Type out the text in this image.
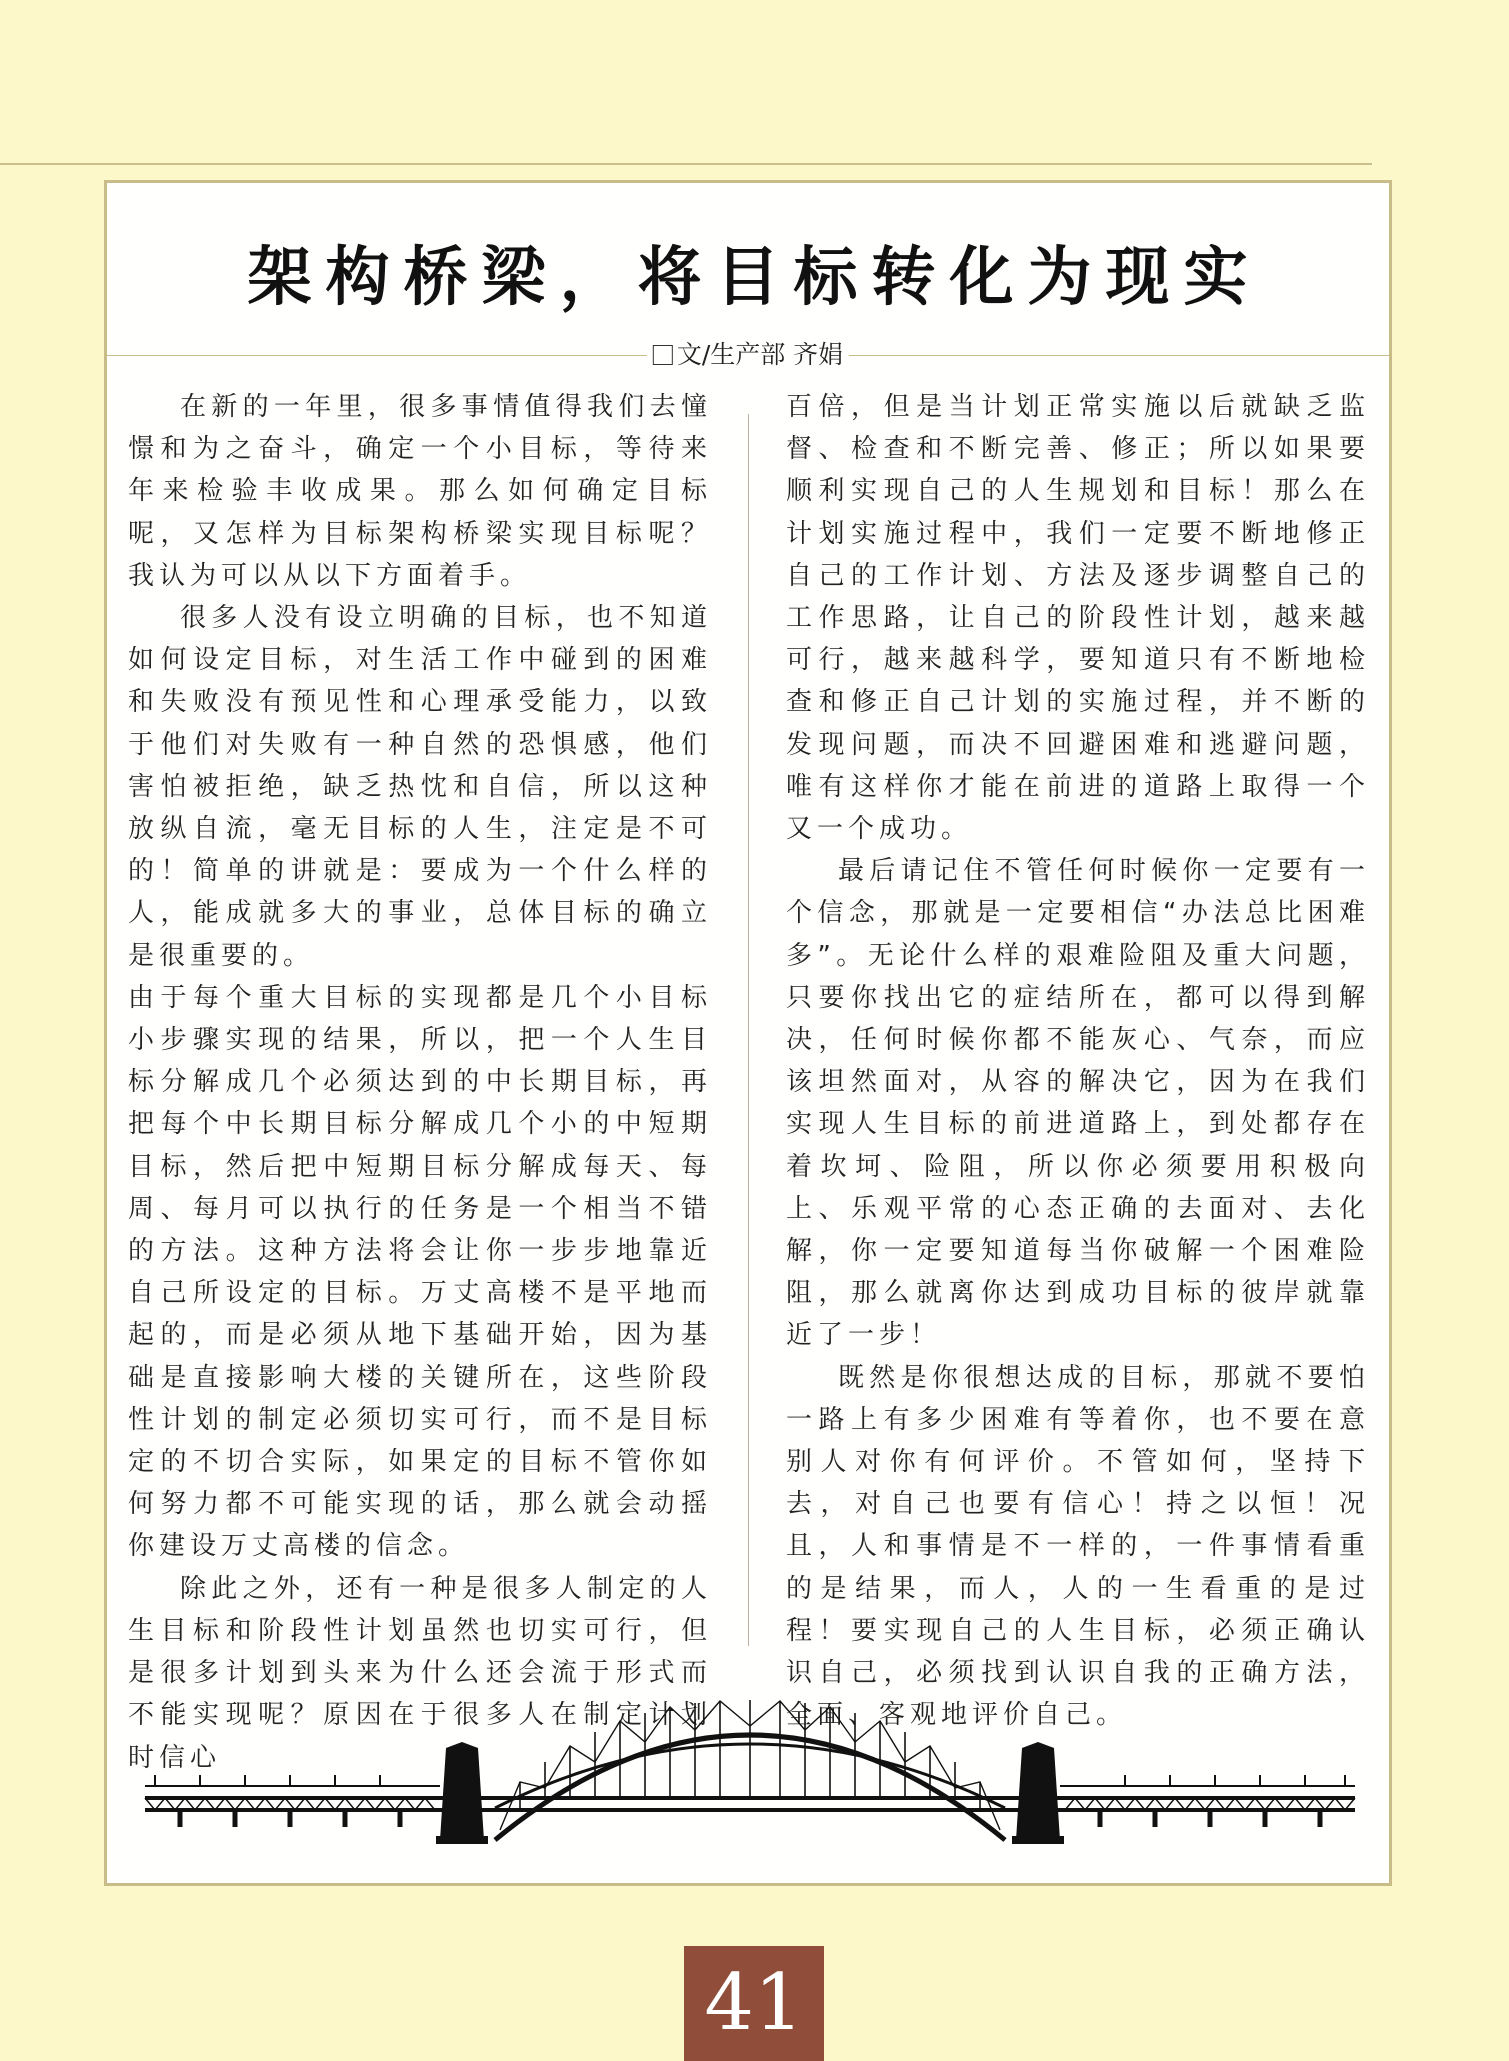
架构桥梁，将目标转化为现实
文/生产部 齐娟

在新的一年里，很多事情值得我们去憧憬和为之奋斗，确定一个小目标，等待来年来检验丰收成果。那么如何确定目标呢，又怎样为目标架构桥梁实现目标呢？我认为可以从以下方面着手。

很多人没有设立明确的目标，也不知道如何设定目标，对生活工作中碰到的困难和失败没有预见性和心理承受能力，以致于他们对失败有一种自然的恐惧感，他们害怕被拒绝，缺乏热忱和自信，所以这种放纵自流，毫无目标的人生，注定是不可的！简单的讲就是：要成为一个什么样的人，能成就多大的事业，总体目标的确立是很重要的。

由于每个重大目标的实现都是几个小目标小步骤实现的结果，所以，把一个人生目标分解成几个必须达到的中长期目标，再把每个中长期目标分解成几个小的中短期目标，然后把中短期目标分解成每天、每周、每月可以执行的任务是一个相当不错的方法。这种方法将会让你一步步地靠近自己所设定的目标。万丈高楼不是平地而起的，而是必须从地下基础开始，因为基础是直接影响大楼的关键所在，这些阶段性计划的制定必须切实可行，而不是目标定的不切合实际，如果定的目标不管你如何努力都不可能实现的话，那么就会动摇你建设万丈高楼的信念。

除此之外，还有一种是很多人制定的人生目标和阶段性计划虽然也切实可行，但是很多计划到头来为什么还会流于形式而不能实现呢？原因在于很多人在制定计划时信心

百倍，但是当计划正常实施以后就缺乏监督、检查和不断完善、修正；所以如果要顺利实现自己的人生规划和目标！那么在计划实施过程中，我们一定要不断地修正自己的工作计划、方法及逐步调整自己的工作思路，让自己的阶段性计划，越来越可行，越来越科学，要知道只有不断地检查和修正自己计划的实施过程，并不断的发现问题，而决不回避困难和逃避问题，唯有这样你才能在前进的道路上取得一个又一个成功。

最后请记住不管任何时候你一定要有一个信念，那就是一定要相信“办法总比困难多”。无论什么样的艰难险阻及重大问题，只要你找出它的症结所在，都可以得到解决，任何时候你都不能灰心、气奈，而应该坦然面对，从容的解决它，因为在我们实现人生目标的前进道路上，到处都存在着坎坷、险阻，所以你必须要用积极向上、乐观平常的心态正确的去面对、去化解，你一定要知道每当你破解一个困难险阻，那么就离你达到成功目标的彼岸就靠近了一步！

既然是你很想达成的目标，那就不要怕一路上有多少困难有等着你，也不要在意别人对你有何评价。不管如何，坚持下去，对自己也要有信心！持之以恒！况且，人和事情是不一样的，一件事情看重的是结果，而人，人的一生看重的是过程！要实现自己的人生目标，必须正确认识自己，必须找到认识自我的正确方法，全面、客观地评价自己。

41
